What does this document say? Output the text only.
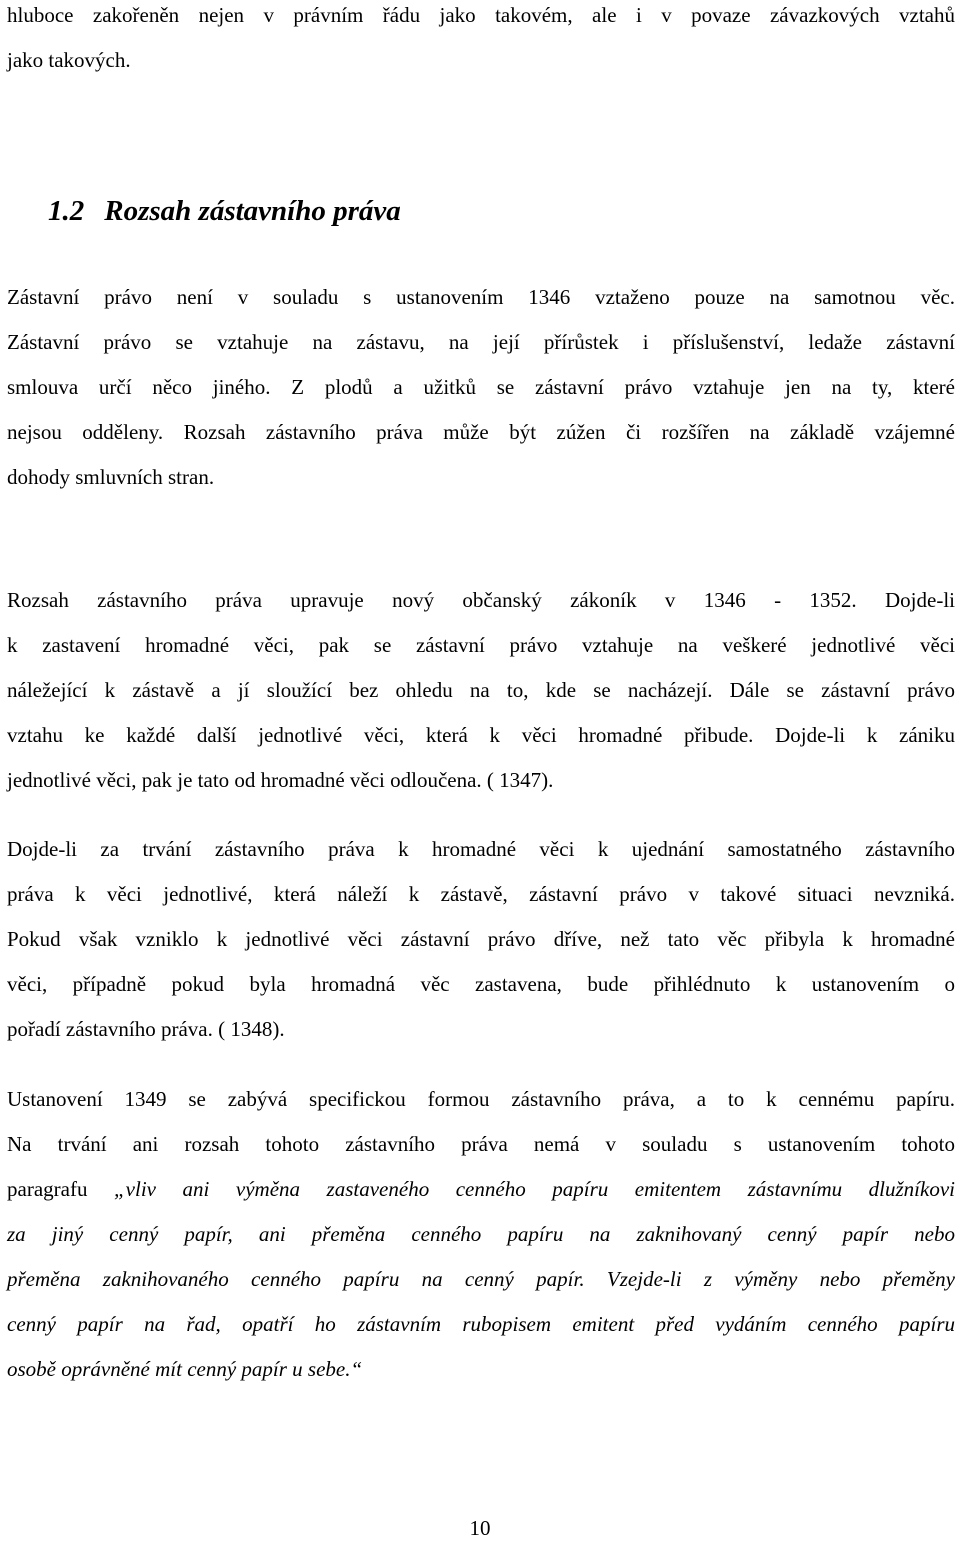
hlubоce zakořeněn nejen v právním řádu jako takovém, ale i v povaze závazkových vztahů
jako takových.
1.2 Rozsah zástavního práva
Zástavní právo není v souladu s ustanovením 1346 vztaženo pouze na samotnou věc.
Zástavní právo se vztahuje na zástavu, na její přírůstek i příslušenství, ledaže zástavní
smlouva určí něco jiného. Z plodů a užitků se zástavní právo vztahuje jen na ty, které
nejsou odděleny. Rozsah zástavního práva může být zúžen či rozšířen na základě vzájemné
dohody smluvních stran.
Rozsah zástavního práva upravuje nový občanský zákoník v 1346 - 1352. Dojde-li
k zastavení hromadné věci, pak se zástavní právo vztahuje na veškeré jednotlivé věci
náležející k zástavě a jí sloužící bez ohledu na to, kde se nacházejí. Dále se zástavní právo
vztahu ke každé další jednotlivé věci, která k věci hromadné přibude. Dojde-li k zániku
jednotlivé věci, pak je tato od hromadné věci odloučena. ( 1347).
Dojde-li za trvání zástavního práva k hromadné věci k ujednání samostatného zástavního
práva k věci jednotlivé, která náleží k zástavě, zástavní právo v takové situaci nevzniká.
Pokud však vzniklo k jednotlivé věci zástavní právo dříve, než tato věc přibyla k hromadné
věci, případně pokud byla hromadná věc zastavena, bude přihlédnuto k ustanovením o
pořadí zástavního práva. ( 1348).
Ustanovení 1349 se zabývá specifickou formou zástavního práva, a to k cennému papíru.
Na trvání ani rozsah tohoto zástavního práva nemá v souladu s ustanovením tohoto
paragrafu „vliv ani výměna zastaveného cenného papíru emitentem zástavnímu dlužníkovi
za jiný cenný papír, ani přeměna cenného papíru na zaknihovaný cenný papír nebo
přeměna zaknihovaného cenného papíru na cenný papír. Vzejde-li z výměny nebo přeměny
cenný papír na řad, opatří ho zástavním rubopisem emitent před vydáním cenného papíru
osobě oprávněné mít cenný papír u sebe.“
10
